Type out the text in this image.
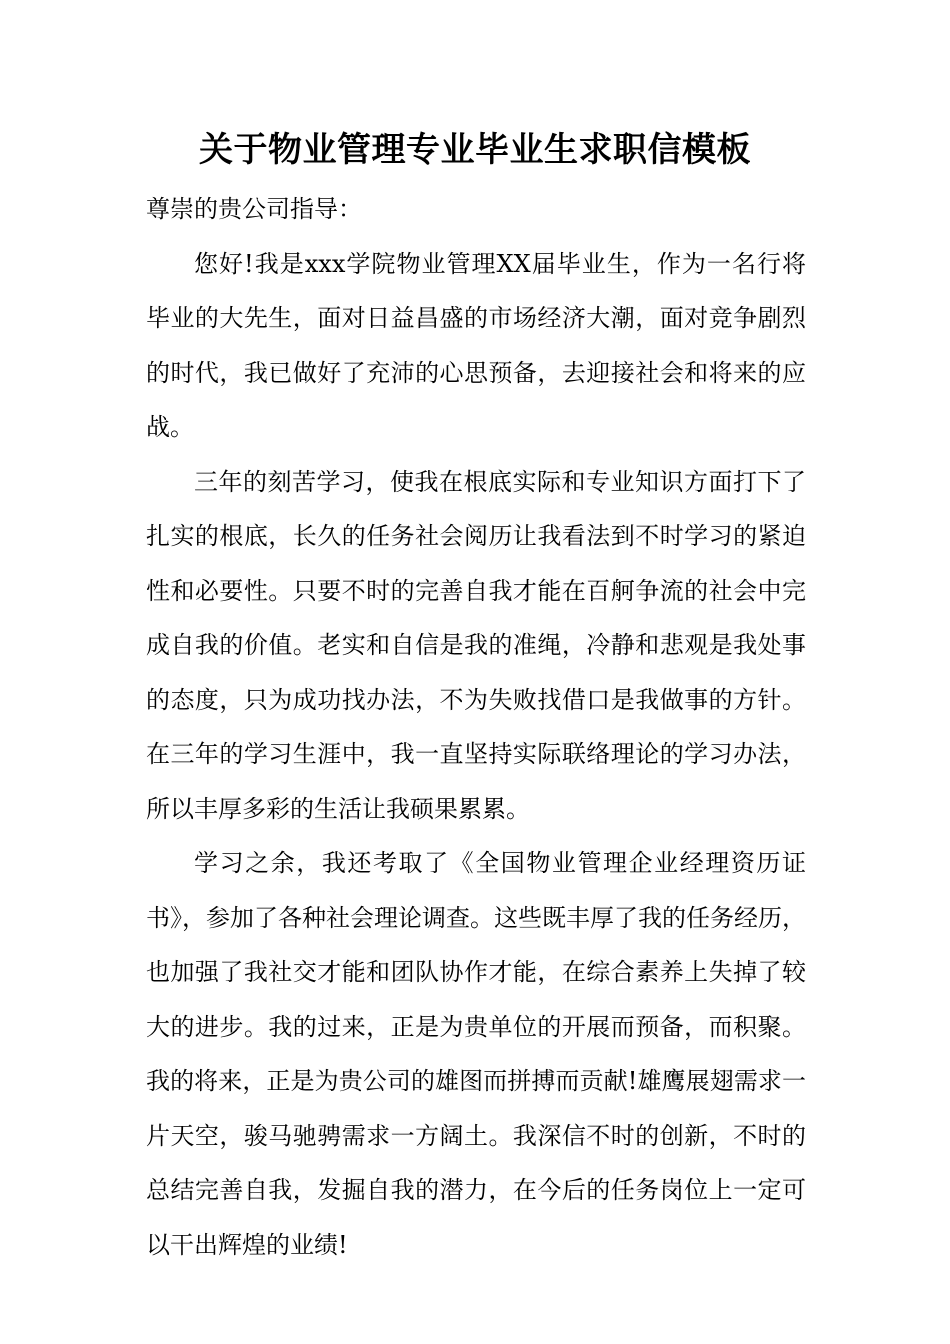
关于物业管理专业毕业生求职信模板

尊崇的贵公司指导：

您好!我是xxx学院物业管理XX届毕业生，作为一名行将毕业的大先生，面对日益昌盛的市场经济大潮，面对竞争剧烈的时代，我已做好了充沛的心思预备，去迎接社会和将来的应战。

三年的刻苦学习，使我在根底实际和专业知识方面打下了扎实的根底，长久的任务社会阅历让我看法到不时学习的紧迫性和必要性。只要不时的完善自我才能在百舸争流的社会中完成自我的价值。老实和自信是我的准绳，冷静和悲观是我处事的态度，只为成功找办法，不为失败找借口是我做事的方针。在三年的学习生涯中，我一直坚持实际联络理论的学习办法，所以丰厚多彩的生活让我硕果累累。

学习之余，我还考取了《全国物业管理企业经理资历证书》，参加了各种社会理论调查。这些既丰厚了我的任务经历，也加强了我社交才能和团队协作才能，在综合素养上失掉了较大的进步。我的过来，正是为贵单位的开展而预备，而积聚。我的将来，正是为贵公司的雄图而拼搏而贡献!雄鹰展翅需求一片天空，骏马驰骋需求一方阔土。我深信不时的创新，不时的总结完善自我，发掘自我的潜力，在今后的任务岗位上一定可以干出辉煌的业绩!
